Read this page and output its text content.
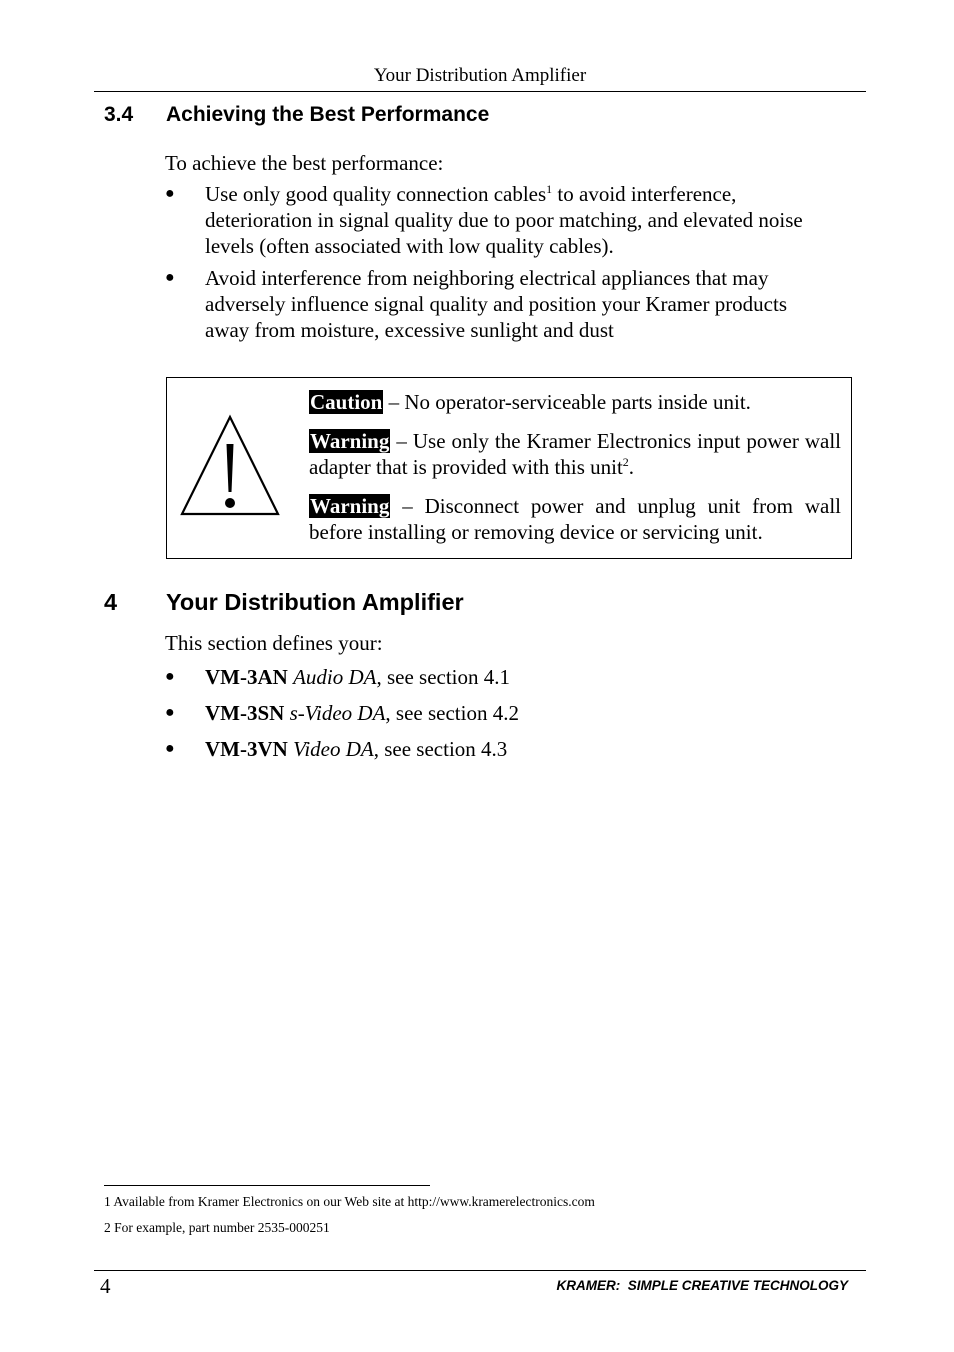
Your Distribution Amplifier
3.4 Achieving the Best Performance
To achieve the best performance:
● Use only good quality connection cables$^1$ to avoid interference, deterioration in signal quality due to poor matching, and elevated noise levels (often associated with low quality cables).
● Avoid interference from neighboring electrical appliances that may adversely influence signal quality and position your Kramer products away from moisture, excessive sunlight and dust

Caution – No operator-serviceable parts inside unit.

Warning – Use only the Kramer Electronics input power wall adapter that is provided with this unit$^2$.

Warning – Disconnect power and unplug unit from wall before installing or removing device or servicing unit.

4 Your Distribution Amplifier
This section defines your:
● VM-3AN Audio DA, see section 4.1
● VM-3SN s-Video DA, see section 4.2
● VM-3VN Video DA, see section 4.3
1 Available from Kramer Electronics on our Web site at http://www.kramerelectronics.com
2 For example, part number 2535-000251
4	KRAMER:  SIMPLE CREATIVE TECHNOLOGY
